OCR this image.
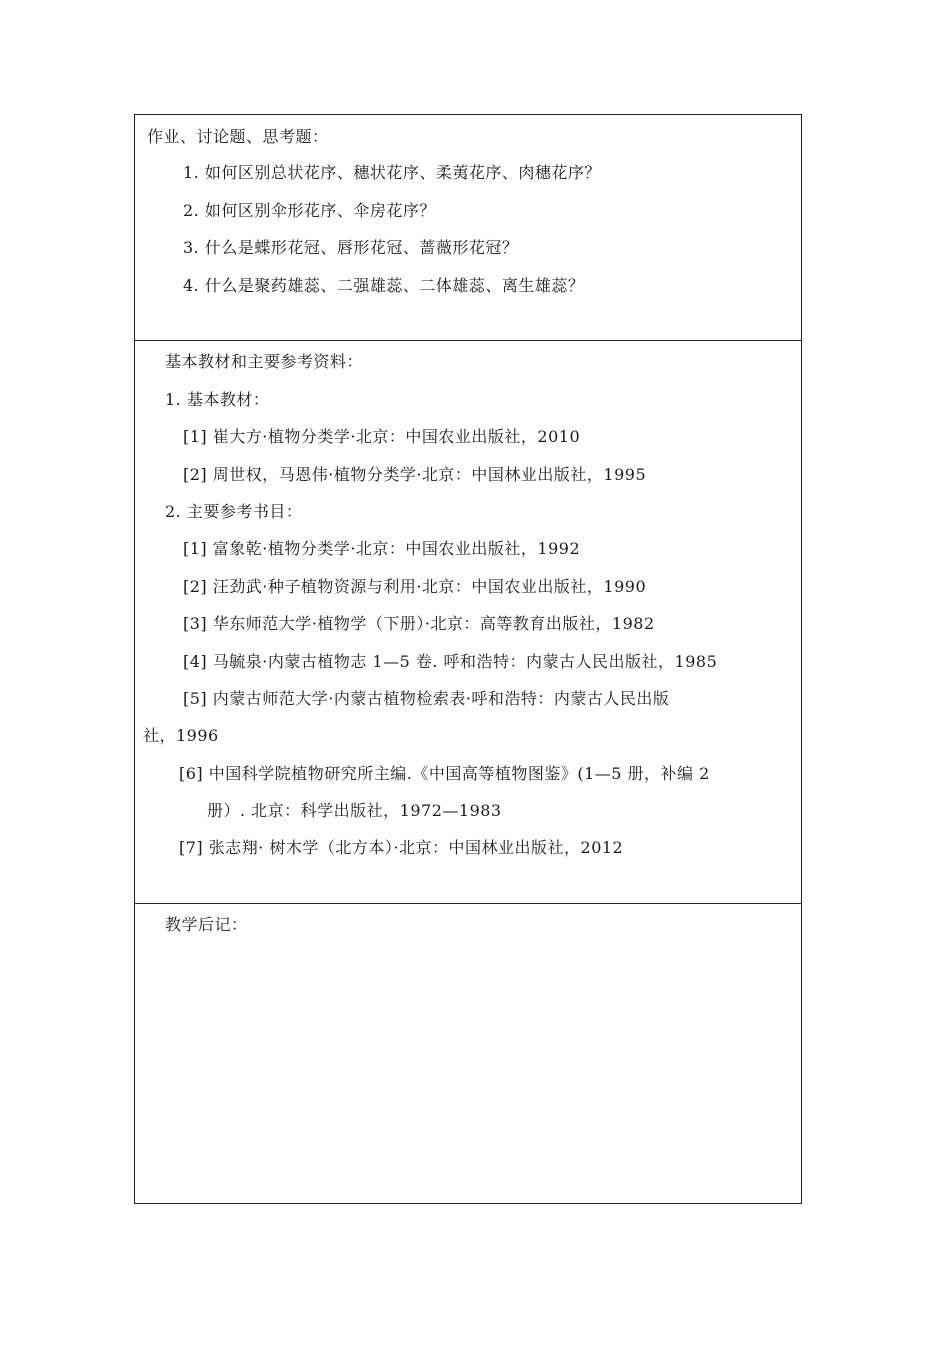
作业、讨论题、思考题：
1. 如何区别总状花序、穗状花序、柔荑花序、肉穗花序？
2. 如何区别伞形花序、伞房花序？
3. 什么是蝶形花冠、唇形花冠、蔷薇形花冠？
4. 什么是聚药雄蕊、二强雄蕊、二体雄蕊、离生雄蕊？
基本教材和主要参考资料：
1. 基本教材：
[1] 崔大方·植物分类学·北京：中国农业出版社，2010
[2] 周世权，马恩伟·植物分类学·北京：中国林业出版社，1995
2. 主要参考书目：
[1] 富象乾·植物分类学·北京：中国农业出版社，1992
[2] 汪劲武·种子植物资源与利用·北京：中国农业出版社，1990
[3] 华东师范大学·植物学（下册）·北京：高等教育出版社，1982
[4] 马毓泉·内蒙古植物志 1—5 卷. 呼和浩特：内蒙古人民出版社，1985
[5] 内蒙古师范大学·内蒙古植物检索表·呼和浩特：内蒙古人民出版
社，1996
[6] 中国科学院植物研究所主编.《中国高等植物图鉴》(1—5 册，补编 2
册）. 北京：科学出版社，1972—1983
[7] 张志翔· 树木学（北方本）·北京：中国林业出版社，2012
教学后记：
